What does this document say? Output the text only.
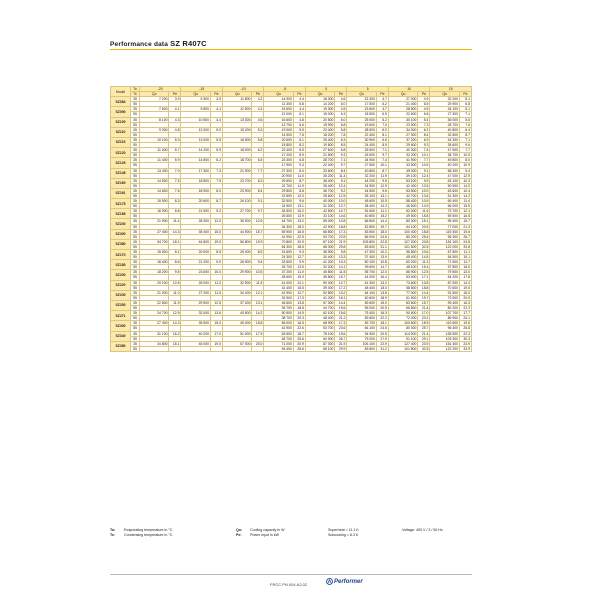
Performance data SZ R407C
Model	To	-20		-15		-10		-5		0		5		10		15	
	Tc	Qo	Pe	Qo	Pe	Qo	Pe	Qo	Pe	Qo	Pe	Qo	Pe	Qo	Pe	Qo	Pe
SZ084	35	7 200	3.9	9 300	3.9	11 800	4.2	14 900	4.4	18 300	4.6	22 300	4.7	27 000	4.9	32 200	5.1
	55							11 300	5.8	14 200	6.0	17 500	6.2	21 400	6.5	25 900	6.8
SZ090	35	7 600	4.1	9 800	4.1	12 500	4.2	15 600	4.4	19 300	4.5	23 600	4.7	28 500	4.9	34 100	5.1
	55							12 000	6.1	15 000	6.3	18 500	6.5	22 600	6.8	27 300	7.1
SZ100	35	8 100	4.3	10 500	4.4	13 300	4.6	16 600	4.8	20 500	5.0	25 000	5.2	30 100	5.4	36 000	5.6
	55							12 700	6.6	15 900	6.8	19 600	7.0	23 900	7.3	28 700	7.6
SZ110	35	9 300	4.8	12 000	5.0	15 200	5.3	19 000	5.5	23 400	5.8	28 500	6.0	34 300	6.2	40 800	6.4
	55							14 500	7.5	18 200	7.8	22 400	8.1	27 300	8.4	32 800	8.7
SZ115	35	10 100	5.3	13 000	5.5	16 500	5.8	20 600	6.1	25 400	6.3	30 900	6.6	37 200	6.9	44 300	7.1
	55							15 800	8.2	19 800	8.5	24 400	8.9	29 600	9.3	35 600	9.6
SZ120	35	11 000	5.7	14 200	5.9	18 000	6.2	22 400	6.5	27 600	6.8	33 500	7.1	40 300	7.4	47 900	7.7
	55							17 200	8.9	21 500	9.3	26 500	9.7	32 200	10.1	38 700	10.5
SZ125	35	11 400	5.9	14 800	6.2	18 700	6.5	23 300	6.8	28 700	7.1	34 900	7.4	41 900	7.7	49 800	8.0
	55							17 900	9.3	22 400	9.7	27 500	10.1	33 500	10.5	40 200	10.9
SZ148	35	13 400	7.0	17 300	7.3	21 900	7.7	27 300	8.0	33 600	8.4	40 800	8.7	49 000	9.1	58 300	9.4
	55							20 900	11.0	26 200	11.4	32 200	11.9	39 100	12.4	47 000	12.9
SZ160	35	14 500	7.5	18 800	7.9	23 700	8.3	29 600	8.7	36 400	9.1	44 200	9.5	53 100	9.9	63 100	10.3
	55							22 700	11.9	28 400	12.4	34 900	12.9	42 400	13.5	50 900	14.0
SZ161	35	14 600	7.6	18 900	8.0	23 900	8.4	29 800	8.8	36 700	9.2	44 500	9.6	53 500	10.0	63 600	10.4
	55							22 800	12.0	28 600	12.5	35 100	13.1	42 700	13.6	51 300	14.2
SZ175	35	15 900	8.3	20 600	8.7	26 100	9.1	32 500	9.6	40 000	10.0	48 600	10.5	58 400	10.9	69 400	11.4
	55							24 900	13.1	31 200	13.7	38 400	14.3	46 600	14.9	56 000	15.5
SZ185	35	16 900	8.8	21 900	9.2	27 700	9.7	34 500	10.2	42 500	10.7	51 600	11.1	62 000	11.6	73 700	12.1
	55							26 500	13.9	33 100	14.6	40 800	15.2	49 500	15.8	59 500	16.5
SZ240	35	21 900	11.4	28 300	12.0	35 900	12.6	44 700	13.2	55 000	13.8	66 800	14.4	80 300	15.1	95 400	15.7
	55							34 300	18.0	42 900	18.8	52 800	19.7	64 100	20.5	77 000	21.3
SZ300	35	27 400	14.3	35 400	15.0	44 900	15.7	55 900	16.5	68 800	17.3	83 500	18.0	100 400	18.8	119 300	19.6
	55							42 900	22.5	53 700	23.5	66 000	24.6	80 200	25.6	96 300	26.7
SZ380	35	34 700	18.1	44 800	19.0	56 800	19.9	70 800	20.9	87 100	21.9	105 800	22.8	127 200	23.8	151 100	24.8
	55							54 300	28.5	68 000	29.8	83 600	31.1	101 600	32.5	122 000	33.8
SZ170	35	15 500	8.1	20 000	8.5	25 400	8.9	31 600	9.3	38 900	9.8	47 300	10.2	56 800	10.6	67 500	11.1
	55							24 300	12.7	30 400	13.3	37 400	13.9	45 400	14.5	54 500	15.1
SZ180	35	16 400	8.6	21 200	9.0	26 900	9.4	33 500	9.9	41 200	10.3	50 100	10.8	60 200	11.3	71 500	11.7
	55							25 700	13.5	32 200	14.1	39 600	14.7	48 100	15.4	57 800	16.0
SZ200	35	18 200	9.5	23 600	10.0	29 900	10.5	37 200	11.0	45 800	11.5	55 700	12.0	66 900	12.5	79 500	13.0
	55							28 600	15.0	35 800	15.7	44 000	16.4	53 400	17.1	64 200	17.8
SZ220	35	20 100	10.5	26 000	11.0	32 900	11.5	41 000	12.1	50 400	12.7	61 300	13.2	73 600	13.8	87 500	14.4
	55							31 400	16.5	39 400	17.2	48 400	18.0	58 800	18.8	70 600	19.6
SZ230	35	21 000	11.0	27 200	11.5	34 400	12.1	42 900	12.7	52 800	13.2	64 100	13.8	77 000	14.4	91 500	15.0
	55							32 900	17.3	41 200	18.1	50 600	18.9	61 500	19.7	73 900	20.5
SZ250	35	22 800	11.9	29 500	12.5	37 400	13.1	46 600	13.8	57 300	14.4	69 600	15.0	83 600	15.7	99 400	16.3
	55							35 700	18.8	44 700	19.6	55 000	20.5	66 800	21.4	80 200	22.3
SZ271	35	24 700	12.9	32 000	13.6	40 500	14.2	50 500	14.9	62 100	15.6	75 400	16.3	90 600	17.0	107 700	17.7
	55							38 700	20.3	48 400	21.2	59 600	22.2	72 400	23.2	86 900	24.1
SZ300	35	27 400	14.3	35 500	15.0	45 000	15.8	56 000	16.5	68 900	17.3	83 700	18.1	100 600	18.9	119 500	19.6
	55							42 900	22.6	53 700	23.6	66 100	24.6	80 300	25.7	96 400	26.8
SZ340	35	31 100	16.2	40 200	17.0	51 000	17.9	63 500	18.7	78 100	19.6	94 900	20.5	114 000	21.4	135 500	22.3
	55							48 700	25.6	60 900	26.7	75 000	27.9	91 100	29.1	109 300	30.3
SZ380	35	34 800	18.1	45 000	19.0	57 000	20.0	71 000	20.9	87 300	21.9	106 100	22.9	127 400	23.9	151 400	24.9
	55							54 400	28.6	68 100	29.9	83 800	31.2	101 800	32.5	122 200	33.9
To: Evaporating temperature in °C
Tc: Condensing temperature in °C
Qo: Cooling capacity in W
Pe: Power input in kW
Superheat = 11.1 K
Subcooling = 8.3 K
Voltage: 400 V / 3 / 50 Hz
FRCC.PN.004.A2.02	Performer
